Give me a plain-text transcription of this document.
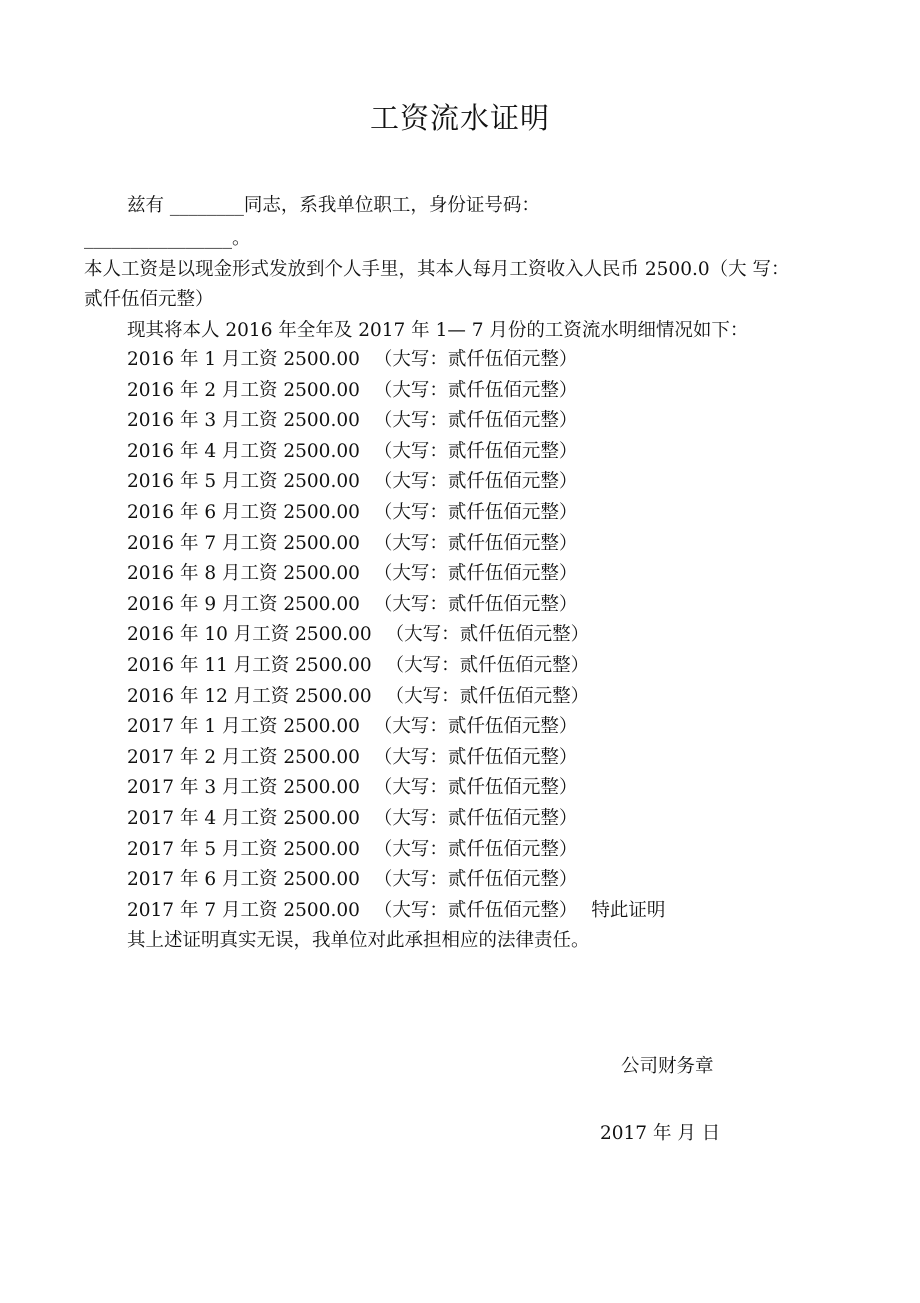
工资流水证明
兹有 ________同志，系我单位职工，身份证号码：
________________。
本人工资是以现金形式发放到个人手里，其本人每月工资收入人民币 2500.0（大 写：
贰仟伍佰元整）
现其将本人 2016 年全年及 2017 年 1— 7 月份的工资流水明细情况如下：
2016 年 1 月工资 2500.00 （大写：贰仟伍佰元整）
2016 年 2 月工资 2500.00 （大写：贰仟伍佰元整）
2016 年 3 月工资 2500.00 （大写：贰仟伍佰元整）
2016 年 4 月工资 2500.00 （大写：贰仟伍佰元整）
2016 年 5 月工资 2500.00 （大写：贰仟伍佰元整）
2016 年 6 月工资 2500.00 （大写：贰仟伍佰元整）
2016 年 7 月工资 2500.00 （大写：贰仟伍佰元整）
2016 年 8 月工资 2500.00 （大写：贰仟伍佰元整）
2016 年 9 月工资 2500.00 （大写：贰仟伍佰元整）
2016 年 10 月工资 2500.00 （大写：贰仟伍佰元整）
2016 年 11 月工资 2500.00 （大写：贰仟伍佰元整）
2016 年 12 月工资 2500.00 （大写：贰仟伍佰元整）
2017 年 1 月工资 2500.00 （大写：贰仟伍佰元整）
2017 年 2 月工资 2500.00 （大写：贰仟伍佰元整）
2017 年 3 月工资 2500.00 （大写：贰仟伍佰元整）
2017 年 4 月工资 2500.00 （大写：贰仟伍佰元整）
2017 年 5 月工资 2500.00 （大写：贰仟伍佰元整）
2017 年 6 月工资 2500.00 （大写：贰仟伍佰元整）
2017 年 7 月工资 2500.00 （大写：贰仟伍佰元整） 特此证明
其上述证明真实无误，我单位对此承担相应的法律责任。
公司财务章
2017 年 月 日
